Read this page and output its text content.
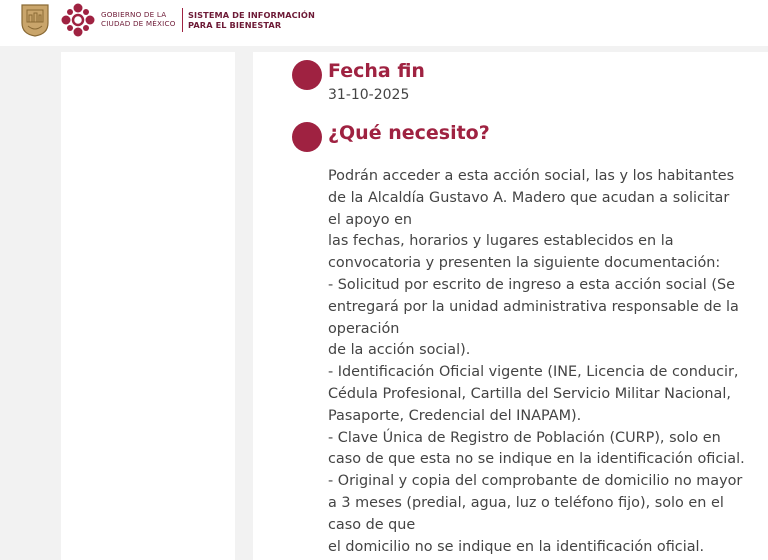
GOBIERNO DE LA
CIUDAD DE MÉXICO
SISTEMA DE INFORMACIÓN
PARA EL BIENESTAR
Fecha fin
31-10-2025
¿Qué necesito?
Podrán acceder a esta acción social, las y los habitantes
de la Alcaldía Gustavo A. Madero que acudan a solicitar
el apoyo en
las fechas, horarios y lugares establecidos en la
convocatoria y presenten la siguiente documentación:
- Solicitud por escrito de ingreso a esta acción social (Se
entregará por la unidad administrativa responsable de la
operación
de la acción social).
- Identificación Oficial vigente (INE, Licencia de conducir,
Cédula Profesional, Cartilla del Servicio Militar Nacional,
Pasaporte, Credencial del INAPAM).
- Clave Única de Registro de Población (CURP), solo en
caso de que esta no se indique en la identificación oficial.
- Original y copia del comprobante de domicilio no mayor
a 3 meses (predial, agua, luz o teléfono fijo), solo en el
caso de que
el domicilio no se indique en la identificación oficial.
